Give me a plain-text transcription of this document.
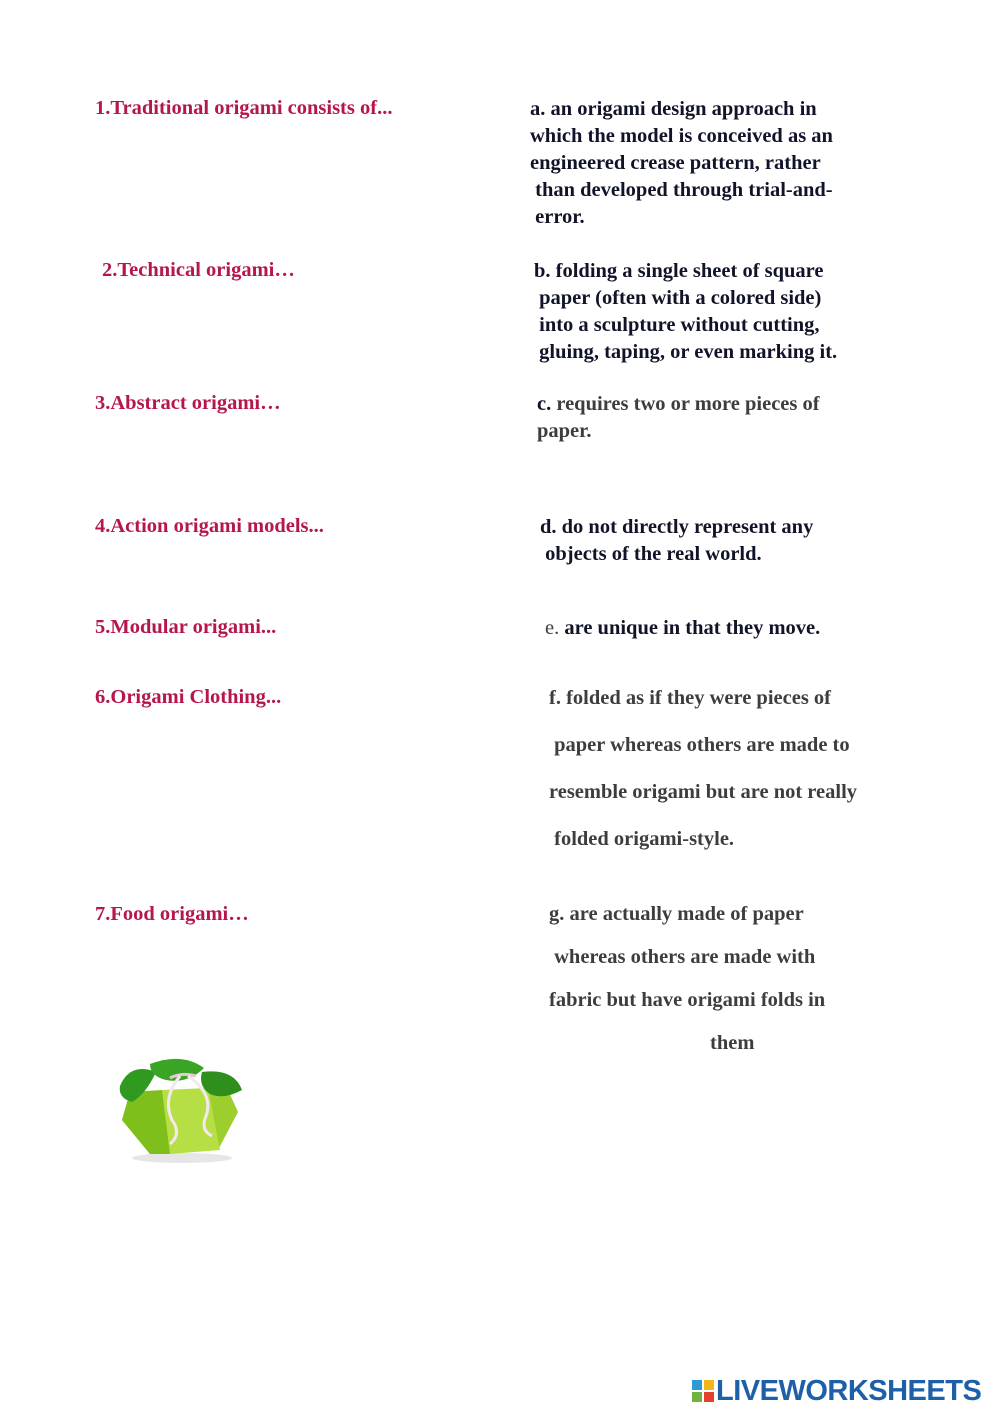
1.Traditional origami consists of...
2.Technical origami…
3.Abstract origami…
4.Action origami models...
5.Modular origami...
6.Origami Clothing...
7.Food origami…
a. an origami design approach in
which the model is conceived as an
engineered crease pattern, rather
than developed through trial-and-
error.
b. folding a single sheet of square
paper (often with a colored side)
into a sculpture without cutting,
gluing, taping, or even marking it.
c. requires two or more pieces of
paper.
d. do not directly represent any
objects of the real world.
e. are unique in that they move.
f. folded as if they were pieces of
paper whereas others are made to
resemble origami but are not really
folded origami-style.
g. are actually made of paper
whereas others are made with
fabric but have origami folds in
them
LIVEWORKSHEETS
